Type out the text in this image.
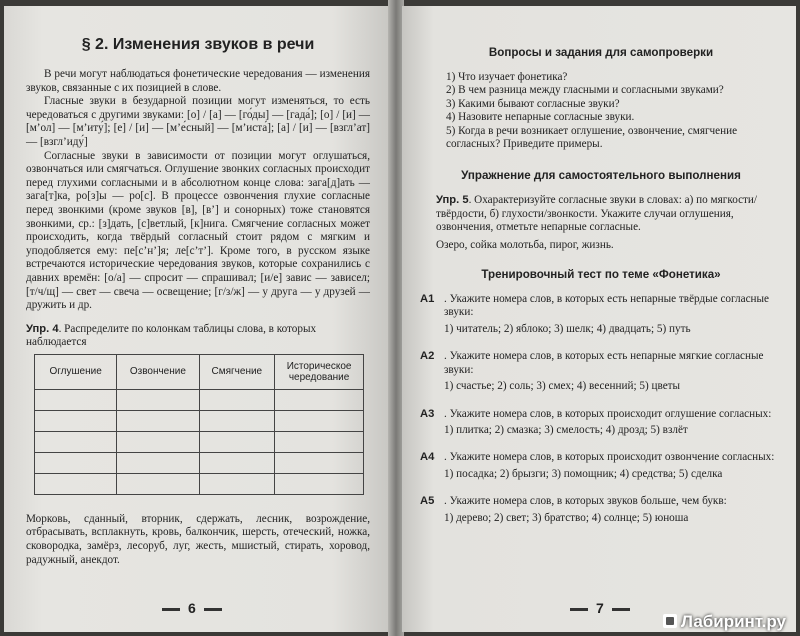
§ 2. Изменения звуков в речи

В речи могут наблюдаться фонетические чередования — изменения звуков, связанные с их позицией в слове.

Гласные звуки в безударной позиции могут изменяться, то есть чередоваться с другими звуками: [о] / [а] — [го́ды] — [гада́]; [о] / [и] — [м’ол] — [м’иту́]; [е] / [и] — [м’е́сный] — [м’иста́]; [а] / [и] — [взгл’ат] — [взгл’иду́]

Согласные звуки в зависимости от позиции могут оглушаться, озвончаться или смягчаться. Оглушение звонких согласных происходит перед глухими согласными и в абсолютном конце слова: зага[д]ать — зага[т]ка, ро[з]ы — ро[с]. В процессе озвончения глухие согласные перед звонкими (кроме звуков [в], [в’] и сонорных) тоже становятся звонкими, ср.: [з]дать, [с]ветлый, [к]нига. Смягчение согласных может происходить, когда твёрдый согласный стоит рядом с мягким и уподобляется ему: пе[с’н’]я; ле[с’т’]. Кроме того, в русском языке встречаются исторические чередования звуков, которые сохранились с давних времён: [о/а] — спросит — спрашивал; [и/е] завис — зависел; [т/ч/щ] — свет — свеча — освещение; [г/з/ж] — у друга — у друзей — дружить и др.

Упр. 4. Распределите по колонкам таблицы слова, в которых наблюдается
Оглушение	Озвончение	Смягчение	Историческое чередование

Морковь, сданный, вторник, сдержать, лесник, возрождение, отбрасывать, всплакнуть, кровь, балкончик, шерсть, отеческий, ножка, сковородка, замёрз, лесоруб, луг, жесть, мшистый, стирать, хоровод, радужный, анекдот.
6
Вопросы и задания для самопроверки
1) Что изучает фонетика?
2) В чем разница между гласными и согласными звуками?
3) Какими бывают согласные звуки?
4) Назовите непарные согласные звуки.
5) Когда в речи возникает оглушение, озвончение, смягчение согласных? Приведите примеры.
Упражнение для самостоятельного выполнения
Упр. 5. Охарактеризуйте согласные звуки в словах: а) по мягкости/твёрдости, б) глухости/звонкости. Укажите случаи оглушения, озвончения, отметьте непарные согласные.
Озеро, сойка молотьба, пирог, жизнь.
Тренировочный тест по теме «Фонетика»
А1 . Укажите номера слов, в которых есть непарные твёрдые согласные звуки:
1) читатель; 2) яблоко; 3) шелк; 4) двадцать; 5) путь
А2 . Укажите номера слов, в которых есть непарные мягкие согласные звуки:
1) счастье; 2) соль; 3) смех; 4) весенний; 5) цветы
А3 . Укажите номера слов, в которых происходит оглушение согласных:
1) плитка; 2) смазка; 3) смелость; 4) дрозд; 5) взлёт
А4 . Укажите номера слов, в которых происходит озвончение согласных:
1) посадка; 2) брызги; 3) помощник; 4) средства; 5) сделка
А5 . Укажите номера слов, в которых звуков больше, чем букв:
1) дерево; 2) свет; 3) братство; 4) солнце; 5) юноша
7
Лабиринт.ру
